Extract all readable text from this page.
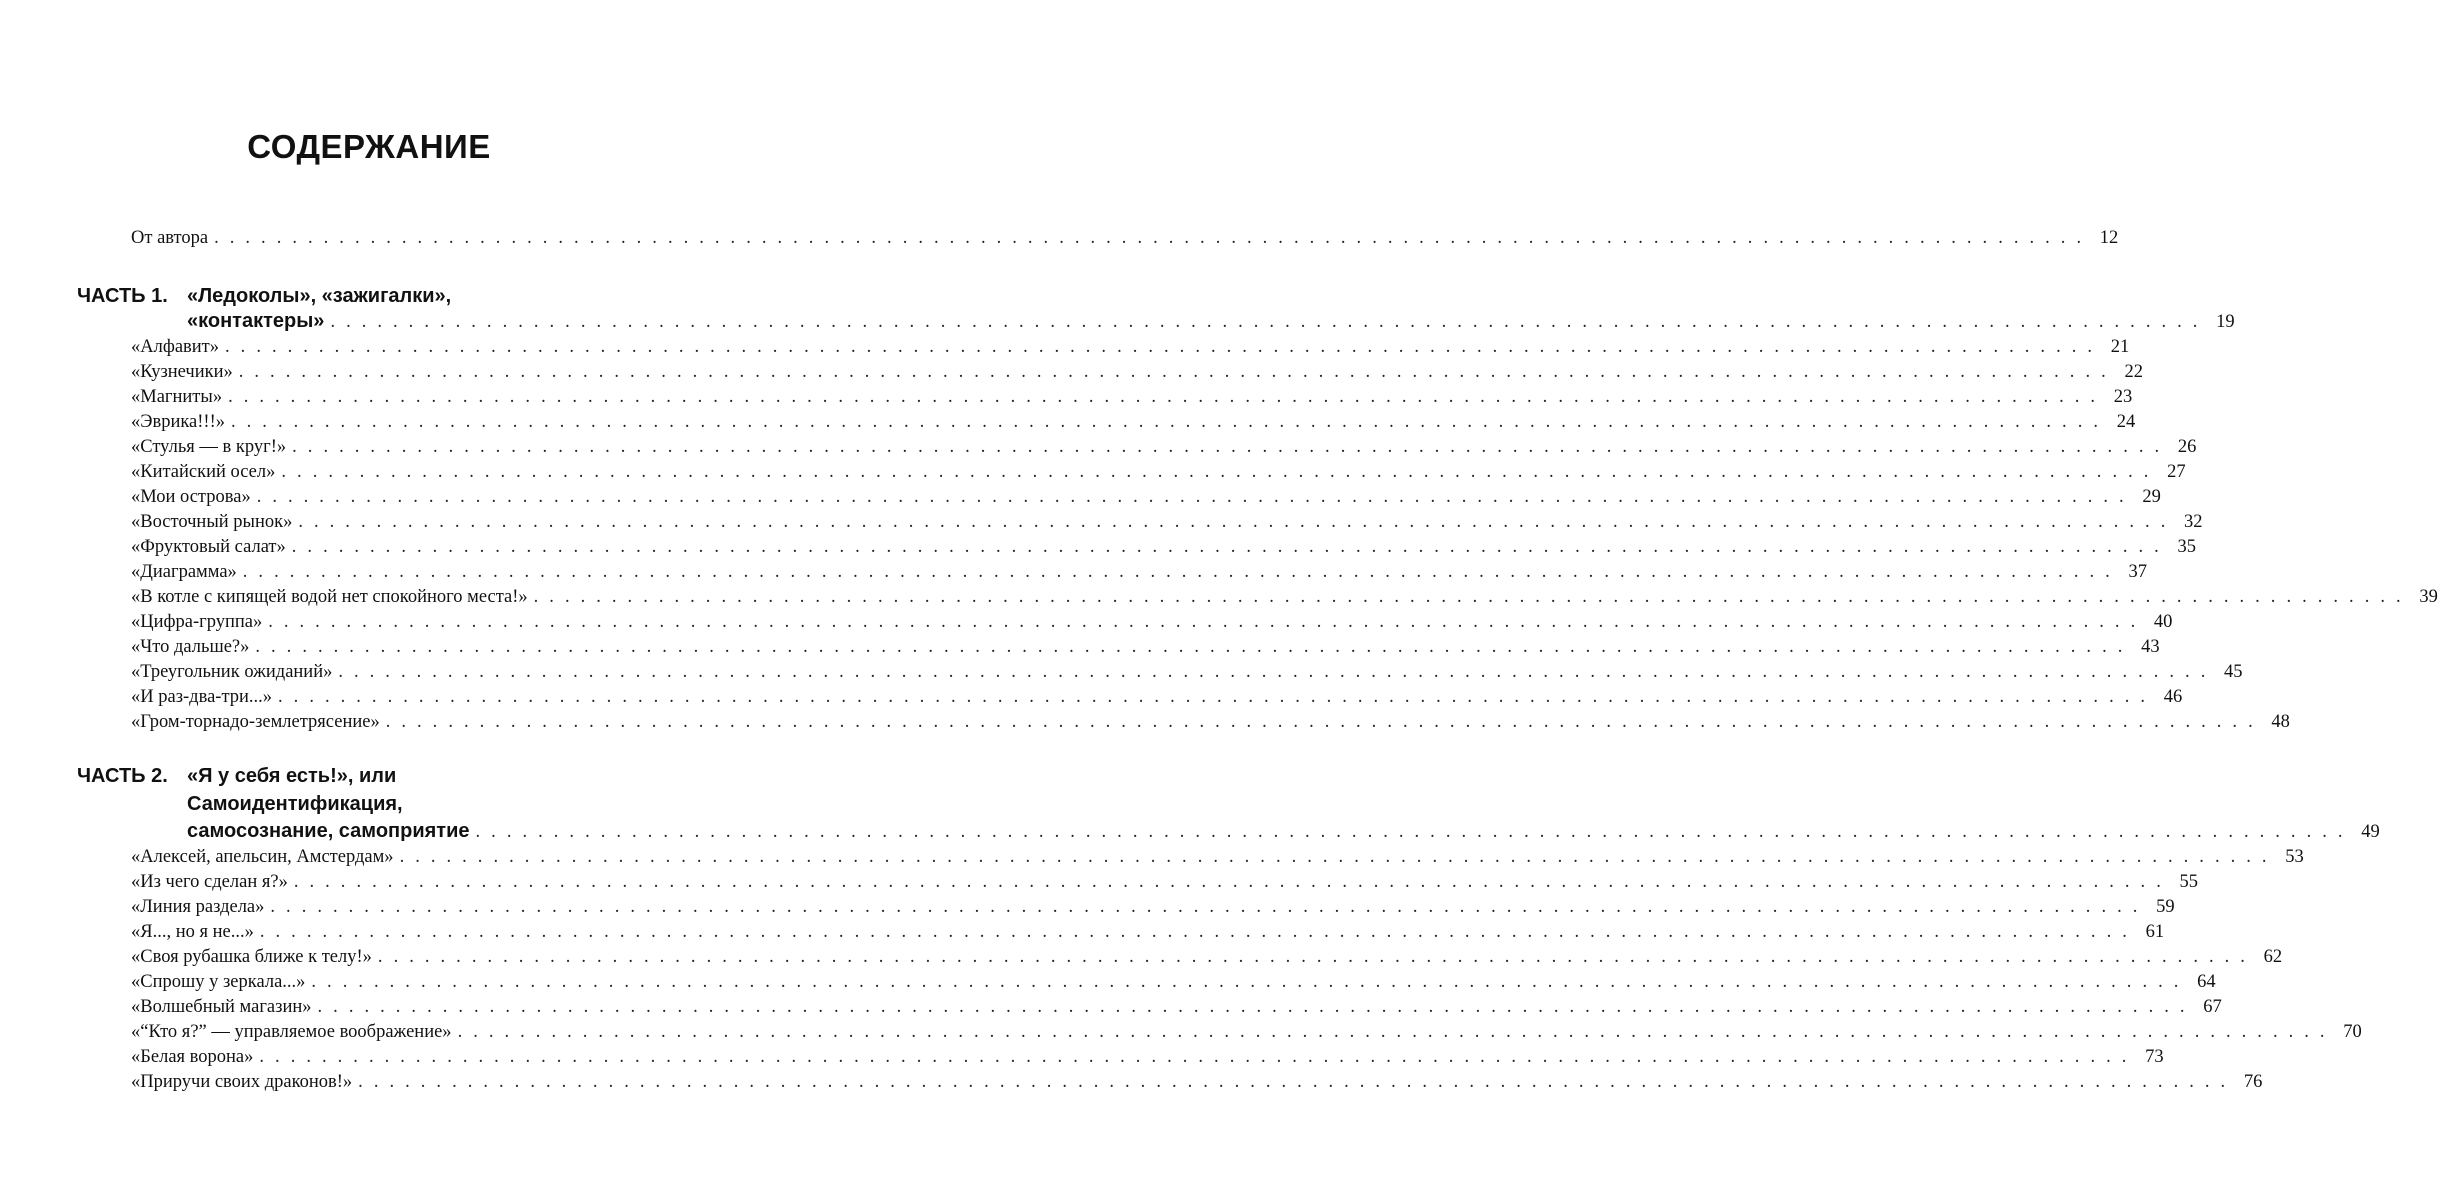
СОДЕРЖАНИЕ
От автора . . . . . . . . . . . . . . . . . . . . . . . . . . . . . . . . . . . . . . . . . . . . . . . . . . . . . . . . . . . . . . . . . . . . . . . . . . . . . . . . . . . . . . . . . . . . . . . . . . . . . . . . . . . . . . . . . . . . . . . . 12
ЧАСТЬ 1. «Ледоколы», «зажигалки»,
«контактеры» . . . . . . . . . . . . . . . . . . . . . . . . . . . . . . . . . . . . . . . . . . . . . . . . . . . . . . . . . . . . . . . . . . . . . . . . . . . . . . . . . . . . . . . . . . . . . . . . . . . . . . . . . . . . . . . . . . . . . . . . 19
«Алфавит» . . . . . . . . . . . . . . . . . . . . . . . . . . . . . . . . . . . . . . . . . . . . . . . . . . . . . . . . . . . . . . . . . . . . . . . . . . . . . . . . . . . . . . . . . . . . . . . . . . . . . . . . . . . . . . . . . . . . . . . . 21
«Кузнечики» . . . . . . . . . . . . . . . . . . . . . . . . . . . . . . . . . . . . . . . . . . . . . . . . . . . . . . . . . . . . . . . . . . . . . . . . . . . . . . . . . . . . . . . . . . . . . . . . . . . . . . . . . . . . . . . . . . . . . . . . 22
«Магниты» . . . . . . . . . . . . . . . . . . . . . . . . . . . . . . . . . . . . . . . . . . . . . . . . . . . . . . . . . . . . . . . . . . . . . . . . . . . . . . . . . . . . . . . . . . . . . . . . . . . . . . . . . . . . . . . . . . . . . . . . 23
«Эврика!!!» . . . . . . . . . . . . . . . . . . . . . . . . . . . . . . . . . . . . . . . . . . . . . . . . . . . . . . . . . . . . . . . . . . . . . . . . . . . . . . . . . . . . . . . . . . . . . . . . . . . . . . . . . . . . . . . . . . . . . . . . 24
«Стулья — в круг!» . . . . . . . . . . . . . . . . . . . . . . . . . . . . . . . . . . . . . . . . . . . . . . . . . . . . . . . . . . . . . . . . . . . . . . . . . . . . . . . . . . . . . . . . . . . . . . . . . . . . . . . . . . . . . . . . . . . . . . . . 26
«Китайский осел» . . . . . . . . . . . . . . . . . . . . . . . . . . . . . . . . . . . . . . . . . . . . . . . . . . . . . . . . . . . . . . . . . . . . . . . . . . . . . . . . . . . . . . . . . . . . . . . . . . . . . . . . . . . . . . . . . . . . . . . . 27
«Мои острова» . . . . . . . . . . . . . . . . . . . . . . . . . . . . . . . . . . . . . . . . . . . . . . . . . . . . . . . . . . . . . . . . . . . . . . . . . . . . . . . . . . . . . . . . . . . . . . . . . . . . . . . . . . . . . . . . . . . . . . . . 29
«Восточный рынок» . . . . . . . . . . . . . . . . . . . . . . . . . . . . . . . . . . . . . . . . . . . . . . . . . . . . . . . . . . . . . . . . . . . . . . . . . . . . . . . . . . . . . . . . . . . . . . . . . . . . . . . . . . . . . . . . . . . . . . . . 32
«Фруктовый салат» . . . . . . . . . . . . . . . . . . . . . . . . . . . . . . . . . . . . . . . . . . . . . . . . . . . . . . . . . . . . . . . . . . . . . . . . . . . . . . . . . . . . . . . . . . . . . . . . . . . . . . . . . . . . . . . . . . . . . . . . 35
«Диаграмма» . . . . . . . . . . . . . . . . . . . . . . . . . . . . . . . . . . . . . . . . . . . . . . . . . . . . . . . . . . . . . . . . . . . . . . . . . . . . . . . . . . . . . . . . . . . . . . . . . . . . . . . . . . . . . . . . . . . . . . . . 37
«В котле с кипящей водой нет спокойного места!» . . . . . . . . . . . . . . . . . . . . . . . . . . . . . . . . . . . . . . . . . . . . . . . . . . . . . . . . . . . . . . . . . . . . . . . . . . . . . . . . . . . . . . . . . . . . . . . . . . . . . . . . . . . . . . . . . . . . . . . . 39
«Цифра-группа» . . . . . . . . . . . . . . . . . . . . . . . . . . . . . . . . . . . . . . . . . . . . . . . . . . . . . . . . . . . . . . . . . . . . . . . . . . . . . . . . . . . . . . . . . . . . . . . . . . . . . . . . . . . . . . . . . . . . . . . . 40
«Что дальше?» . . . . . . . . . . . . . . . . . . . . . . . . . . . . . . . . . . . . . . . . . . . . . . . . . . . . . . . . . . . . . . . . . . . . . . . . . . . . . . . . . . . . . . . . . . . . . . . . . . . . . . . . . . . . . . . . . . . . . . . . 43
«Треугольник ожиданий» . . . . . . . . . . . . . . . . . . . . . . . . . . . . . . . . . . . . . . . . . . . . . . . . . . . . . . . . . . . . . . . . . . . . . . . . . . . . . . . . . . . . . . . . . . . . . . . . . . . . . . . . . . . . . . . . . . . . . . . . 45
«И раз-два-три...» . . . . . . . . . . . . . . . . . . . . . . . . . . . . . . . . . . . . . . . . . . . . . . . . . . . . . . . . . . . . . . . . . . . . . . . . . . . . . . . . . . . . . . . . . . . . . . . . . . . . . . . . . . . . . . . . . . . . . . . . 46
«Гром-торнадо-землетрясение» . . . . . . . . . . . . . . . . . . . . . . . . . . . . . . . . . . . . . . . . . . . . . . . . . . . . . . . . . . . . . . . . . . . . . . . . . . . . . . . . . . . . . . . . . . . . . . . . . . . . . . . . . . . . . . . . . . . . . . . . 48
ЧАСТЬ 2. «Я у себя есть!», или
Самоидентификация,
самосознание, самоприятие . . . . . . . . . . . . . . . . . . . . . . . . . . . . . . . . . . . . . . . . . . . . . . . . . . . . . . . . . . . . . . . . . . . . . . . . . . . . . . . . . . . . . . . . . . . . . . . . . . . . . . . . . . . . . . . . . . . . . . . . 49
«Алексей, апельсин, Амстердам» . . . . . . . . . . . . . . . . . . . . . . . . . . . . . . . . . . . . . . . . . . . . . . . . . . . . . . . . . . . . . . . . . . . . . . . . . . . . . . . . . . . . . . . . . . . . . . . . . . . . . . . . . . . . . . . . . . . . . . . . 53
«Из чего сделан я?» . . . . . . . . . . . . . . . . . . . . . . . . . . . . . . . . . . . . . . . . . . . . . . . . . . . . . . . . . . . . . . . . . . . . . . . . . . . . . . . . . . . . . . . . . . . . . . . . . . . . . . . . . . . . . . . . . . . . . . . . 55
«Линия раздела» . . . . . . . . . . . . . . . . . . . . . . . . . . . . . . . . . . . . . . . . . . . . . . . . . . . . . . . . . . . . . . . . . . . . . . . . . . . . . . . . . . . . . . . . . . . . . . . . . . . . . . . . . . . . . . . . . . . . . . . . 59
«Я..., но я не...» . . . . . . . . . . . . . . . . . . . . . . . . . . . . . . . . . . . . . . . . . . . . . . . . . . . . . . . . . . . . . . . . . . . . . . . . . . . . . . . . . . . . . . . . . . . . . . . . . . . . . . . . . . . . . . . . . . . . . . . . 61
«Своя рубашка ближе к телу!» . . . . . . . . . . . . . . . . . . . . . . . . . . . . . . . . . . . . . . . . . . . . . . . . . . . . . . . . . . . . . . . . . . . . . . . . . . . . . . . . . . . . . . . . . . . . . . . . . . . . . . . . . . . . . . . . . . . . . . . . 62
«Спрошу у зеркала...» . . . . . . . . . . . . . . . . . . . . . . . . . . . . . . . . . . . . . . . . . . . . . . . . . . . . . . . . . . . . . . . . . . . . . . . . . . . . . . . . . . . . . . . . . . . . . . . . . . . . . . . . . . . . . . . . . . . . . . . . 64
«Волшебный магазин» . . . . . . . . . . . . . . . . . . . . . . . . . . . . . . . . . . . . . . . . . . . . . . . . . . . . . . . . . . . . . . . . . . . . . . . . . . . . . . . . . . . . . . . . . . . . . . . . . . . . . . . . . . . . . . . . . . . . . . . . 67
«“Кто я?” — управляемое воображение» . . . . . . . . . . . . . . . . . . . . . . . . . . . . . . . . . . . . . . . . . . . . . . . . . . . . . . . . . . . . . . . . . . . . . . . . . . . . . . . . . . . . . . . . . . . . . . . . . . . . . . . . . . . . . . . . . . . . . . . . 70
«Белая ворона» . . . . . . . . . . . . . . . . . . . . . . . . . . . . . . . . . . . . . . . . . . . . . . . . . . . . . . . . . . . . . . . . . . . . . . . . . . . . . . . . . . . . . . . . . . . . . . . . . . . . . . . . . . . . . . . . . . . . . . . . 73
«Приручи своих драконов!» . . . . . . . . . . . . . . . . . . . . . . . . . . . . . . . . . . . . . . . . . . . . . . . . . . . . . . . . . . . . . . . . . . . . . . . . . . . . . . . . . . . . . . . . . . . . . . . . . . . . . . . . . . . . . . . . . . . . . . . . 76
